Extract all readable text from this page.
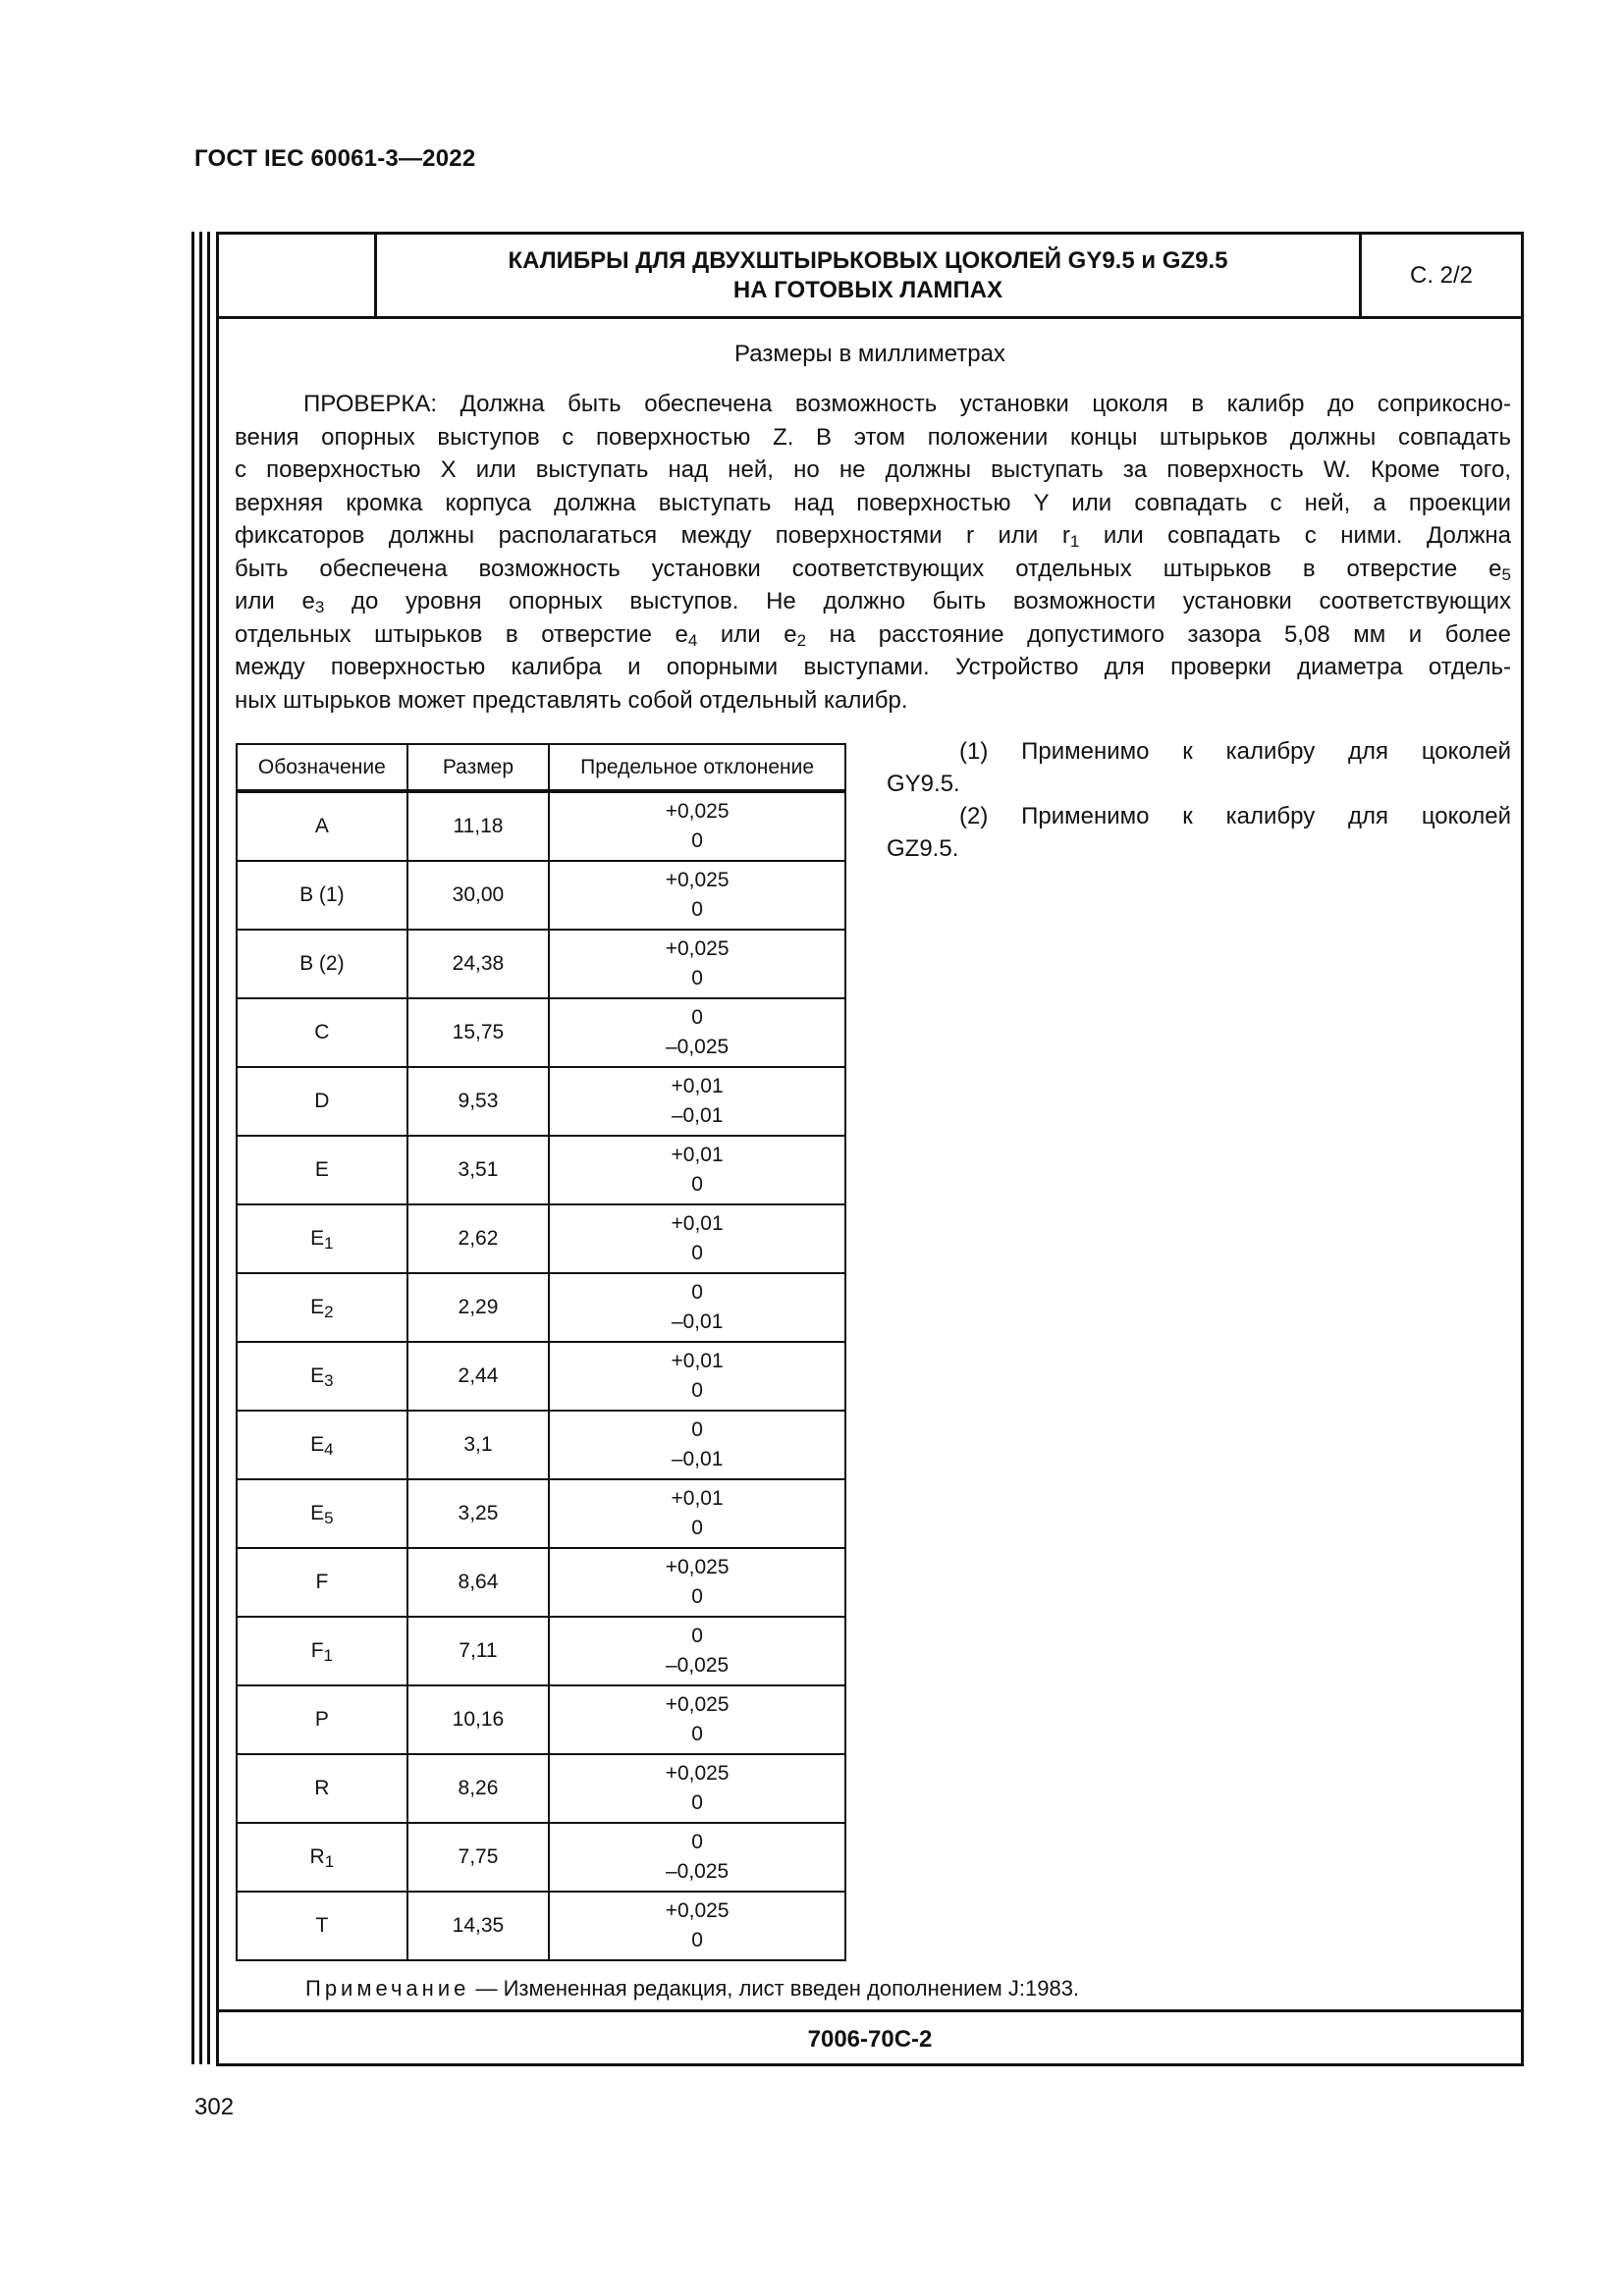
ГОСТ IEC 60061-3—2022
КАЛИБРЫ ДЛЯ ДВУХШТЫРЬКОВЫХ ЦОКОЛЕЙ GY9.5 и GZ9.5
НА ГОТОВЫХ ЛАМПАХ
С. 2/2
Размеры в миллиметрах

ПРОВЕРКА: Должна быть обеспечена возможность установки цоколя в калибр до соприкосно-
вения опорных выступов с поверхностью Z. В этом положении концы штырьков должны совпадать
с поверхностью X или выступать над ней, но не должны выступать за поверхность W. Кроме того,
верхняя кромка корпуса должна выступать над поверхностью Y или совпадать с ней, а проекции
фиксаторов должны располагаться между поверхностями r или $r_1$ или совпадать с ними. Должна
быть обеспечена возможность установки соответствующих отдельных штырьков в отверстие $e_5$
или $e_3$ до уровня опорных выступов. Не должно быть возможности установки соответствующих
отдельных штырьков в отверстие $e_4$ или $e_2$ на расстояние допустимого зазора 5,08 мм и более
между поверхностью калибра и опорными выступами. Устройство для проверки диаметра отдель-
ных штырьков может представлять собой отдельный калибр.

Обозначение	Размер	Предельное отклонение
A	11,18	+0,025
0

B (1)	30,00	+0,025
0

B (2)	24,38	+0,025
0

C	15,75	0
–0,025

D	9,53	+0,01
–0,01

E	3,51	+0,01
0

$E_1$	2,62	+0,01
0

$E_2$	2,29	0
–0,01

$E_3$	2,44	+0,01
0

$E_4$	3,1	0
–0,01

$E_5$	3,25	+0,01
0

F	8,64	+0,025
0

$F_1$	7,11	0
–0,025

P	10,16	+0,025
0

R	8,26	+0,025
0

$R_1$	7,75	0
–0,025

T	14,35	+0,025
0
(1) Применимо к калибру для цоколей
GY9.5.
(2) Применимо к калибру для цоколей
GZ9.5.
Примечание — Измененная редакция, лист введен дополнением J:1983.
7006-70C-2
302
